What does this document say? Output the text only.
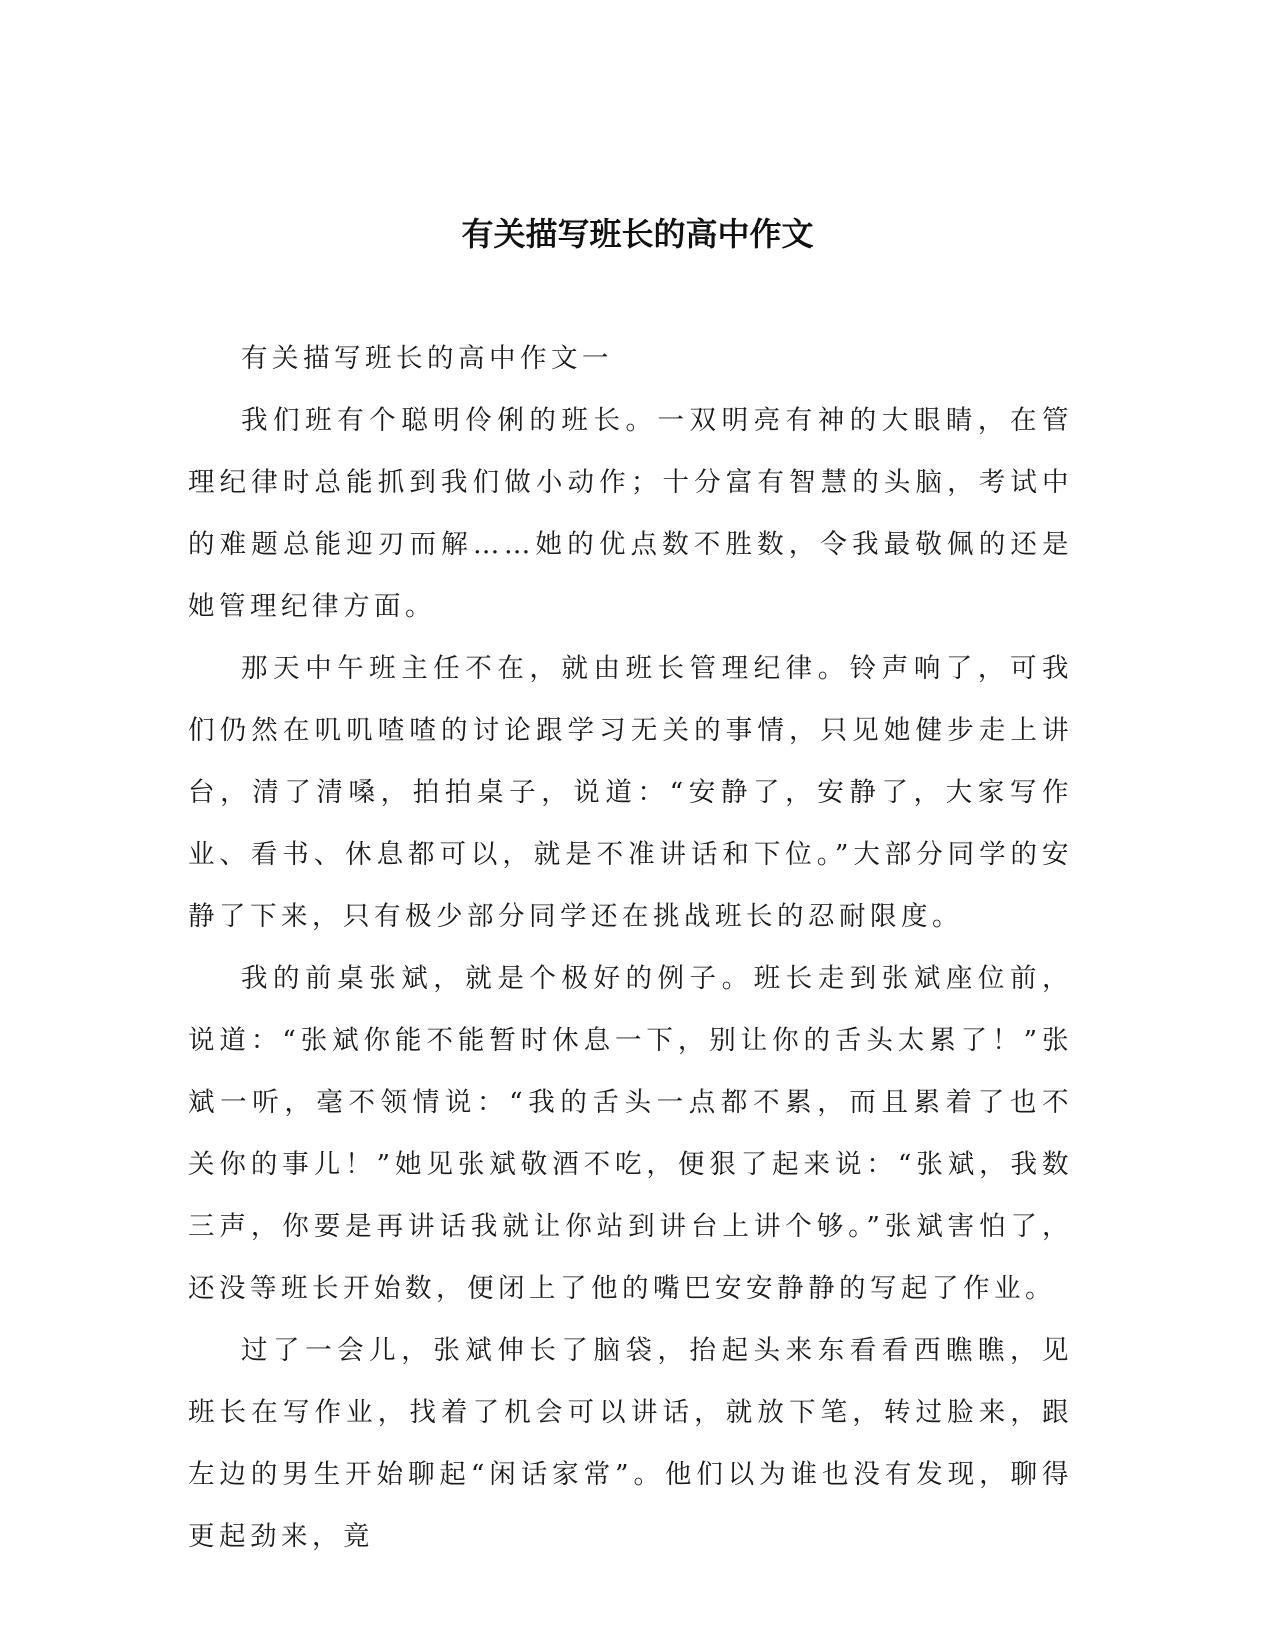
有关描写班长的高中作文

有关描写班长的高中作文一

我们班有个聪明伶俐的班长。一双明亮有神的大眼睛，在管理纪律时总能抓到我们做小动作；十分富有智慧的头脑，考试中的难题总能迎刃而解……她的优点数不胜数，令我最敬佩的还是她管理纪律方面。

那天中午班主任不在，就由班长管理纪律。铃声响了，可我们仍然在叽叽喳喳的讨论跟学习无关的事情，只见她健步走上讲台，清了清嗓，拍拍桌子，说道：“安静了，安静了，大家写作业、看书、休息都可以，就是不准讲话和下位。”大部分同学的安静了下来，只有极少部分同学还在挑战班长的忍耐限度。

我的前桌张斌，就是个极好的例子。班长走到张斌座位前，说道：“张斌你能不能暂时休息一下，别让你的舌头太累了！”张斌一听，毫不领情说：“我的舌头一点都不累，而且累着了也不关你的事儿！”她见张斌敬酒不吃，便狠了起来说：“张斌，我数三声，你要是再讲话我就让你站到讲台上讲个够。”张斌害怕了，还没等班长开始数，便闭上了他的嘴巴安安静静的写起了作业。

过了一会儿，张斌伸长了脑袋，抬起头来东看看西瞧瞧，见班长在写作业，找着了机会可以讲话，就放下笔，转过脸来，跟左边的男生开始聊起“闲话家常”。他们以为谁也没有发现，聊得更起劲来，竟
